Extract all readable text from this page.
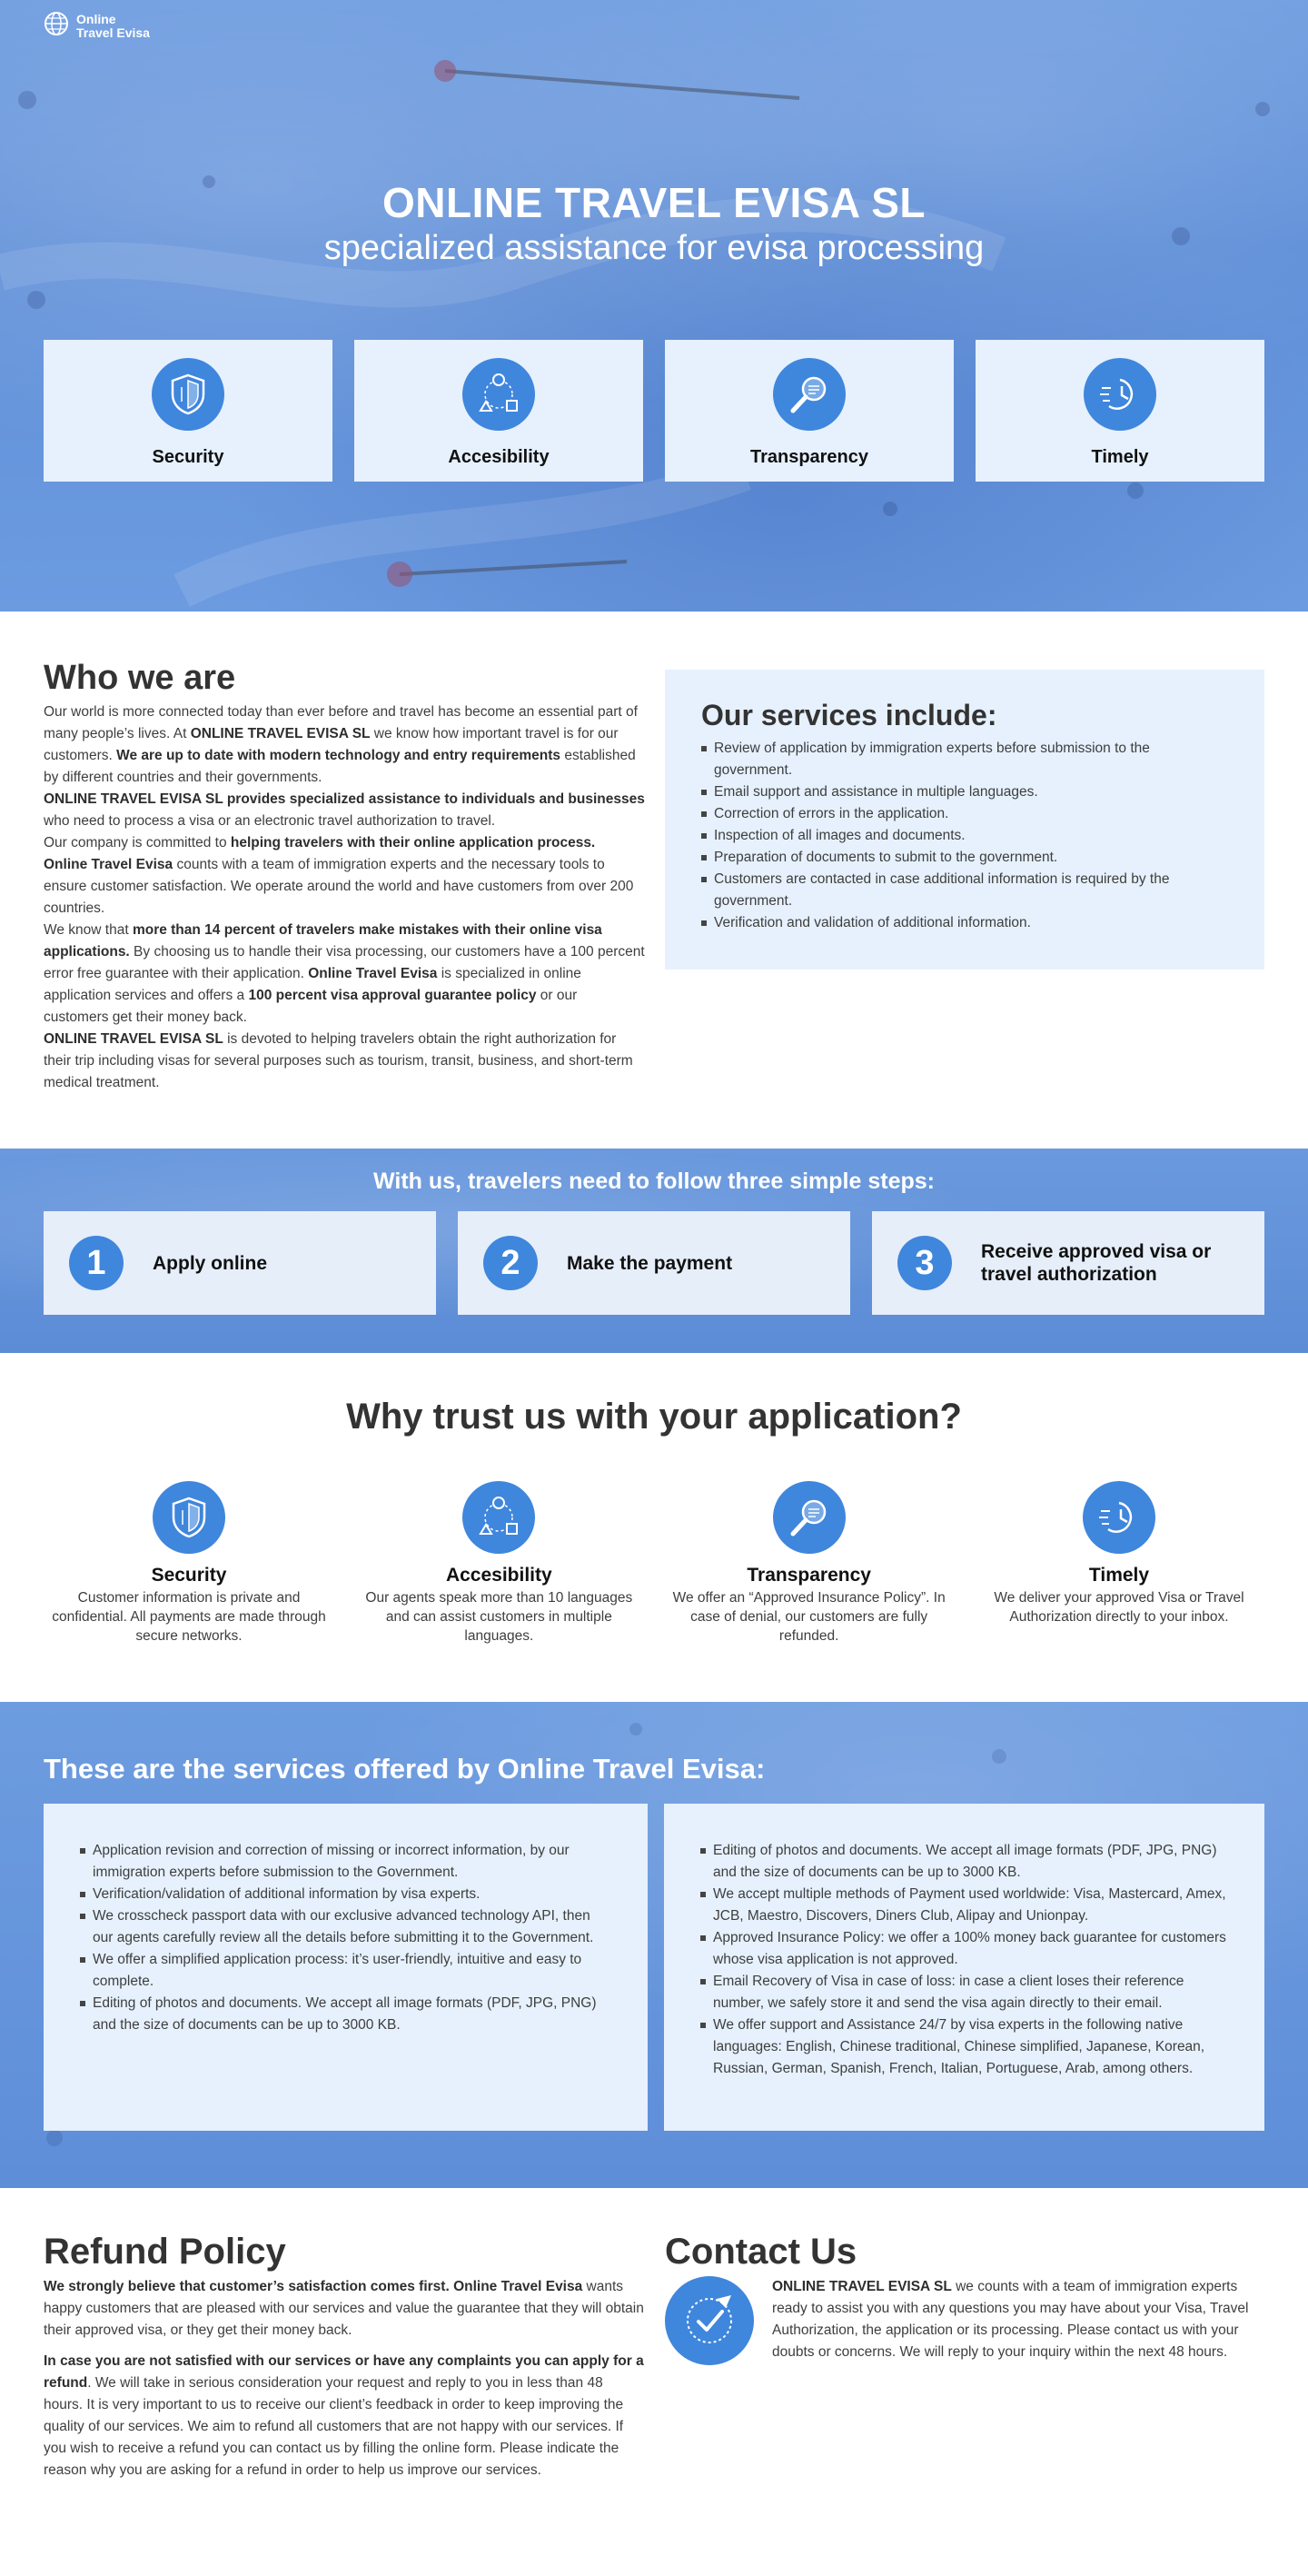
Online
Travel Evisa
ONLINE TRAVEL EVISA SL
specialized assistance for evisa processing
Security	Accesibility	Transparency	Timely
Who we are

Our world is more connected today than ever before and travel has become an essential part of many people’s lives. At ONLINE TRAVEL EVISA SL we know how important travel is for our customers. We are up to date with modern technology and entry requirements established by different countries and their governments.

ONLINE TRAVEL EVISA SL provides specialized assistance to individuals and businesses who need to process a visa or an electronic travel authorization to travel.

Our company is committed to helping travelers with their online application process.

Online Travel Evisa counts with a team of immigration experts and the necessary tools to ensure customer satisfaction. We operate around the world and have customers from over 200 countries.

We know that more than 14 percent of travelers make mistakes with their online visa applications. By choosing us to handle their visa processing, our customers have a 100 percent error free guarantee with their application. Online Travel Evisa is specialized in online application services and offers a 100 percent visa approval guarantee policy or our customers get their money back.

ONLINE TRAVEL EVISA SL is devoted to helping travelers obtain the right authorization for their trip including visas for several purposes such as tourism, transit, business, and short-term medical treatment.

Our services include:
Review of application by immigration experts before submission to the government.
Email support and assistance in multiple languages.
Correction of errors in the application.
Inspection of all images and documents.
Preparation of documents to submit to the government.
Customers are contacted in case additional information is required by the government.
Verification and validation of additional information.
With us, travelers need to follow three simple steps:
1	Apply online	2	Make the payment	3	Receive approved visa or travel authorization
Why trust us with your application?
Security

Customer information is private and confidential. All payments are made through secure networks.

Accesibility

Our agents speak more than 10 languages and can assist customers in multiple languages.

Transparency

We offer an “Approved Insurance Policy”. In case of denial, our customers are fully refunded.

Timely

We deliver your approved Visa or Travel Authorization directly to your inbox.

These are the services offered by Online Travel Evisa:
Application revision and correction of missing or incorrect information, by our immigration experts before submission to the Government.
Verification/validation of additional information by visa experts.
We crosscheck passport data with our exclusive advanced technology API, then our agents carefully review all the details before submitting it to the Government.
We offer a simplified application process: it’s user-friendly, intuitive and easy to complete.
Editing of photos and documents. We accept all image formats (PDF, JPG, PNG) and the size of documents can be up to 3000 KB.
Editing of photos and documents. We accept all image formats (PDF, JPG, PNG) and the size of documents can be up to 3000 KB.
We accept multiple methods of Payment used worldwide: Visa, Mastercard, Amex, JCB, Maestro, Discovers, Diners Club, Alipay and Unionpay.
Approved Insurance Policy: we offer a 100% money back guarantee for customers whose visa application is not approved.
Email Recovery of Visa in case of loss: in case a client loses their reference number, we safely store it and send the visa again directly to their email.
We offer support and Assistance 24/7 by visa experts in the following native languages: English, Chinese traditional, Chinese simplified, Japanese, Korean, Russian, German, Spanish, French, Italian, Portuguese, Arab, among others.
Refund Policy

We strongly believe that customer’s satisfaction comes first. Online Travel Evisa wants happy customers that are pleased with our services and value the guarantee that they will obtain their approved visa, or they get their money back.

In case you are not satisfied with our services or have any complaints you can apply for a refund. We will take in serious consideration your request and reply to you in less than 48 hours. It is very important to us to receive our client’s feedback in order to keep improving the quality of our services. We aim to refund all customers that are not happy with our services. If you wish to receive a refund you can contact us by filling the online form. Please indicate the reason why you are asking for a refund in order to help us improve our services.

Contact Us

ONLINE TRAVEL EVISA SL we counts with a team of immigration experts ready to assist you with any questions you may have about your Visa, Travel Authorization, the application or its processing. Please contact us with your doubts or concerns. We will reply to your inquiry within the next 48 hours.
